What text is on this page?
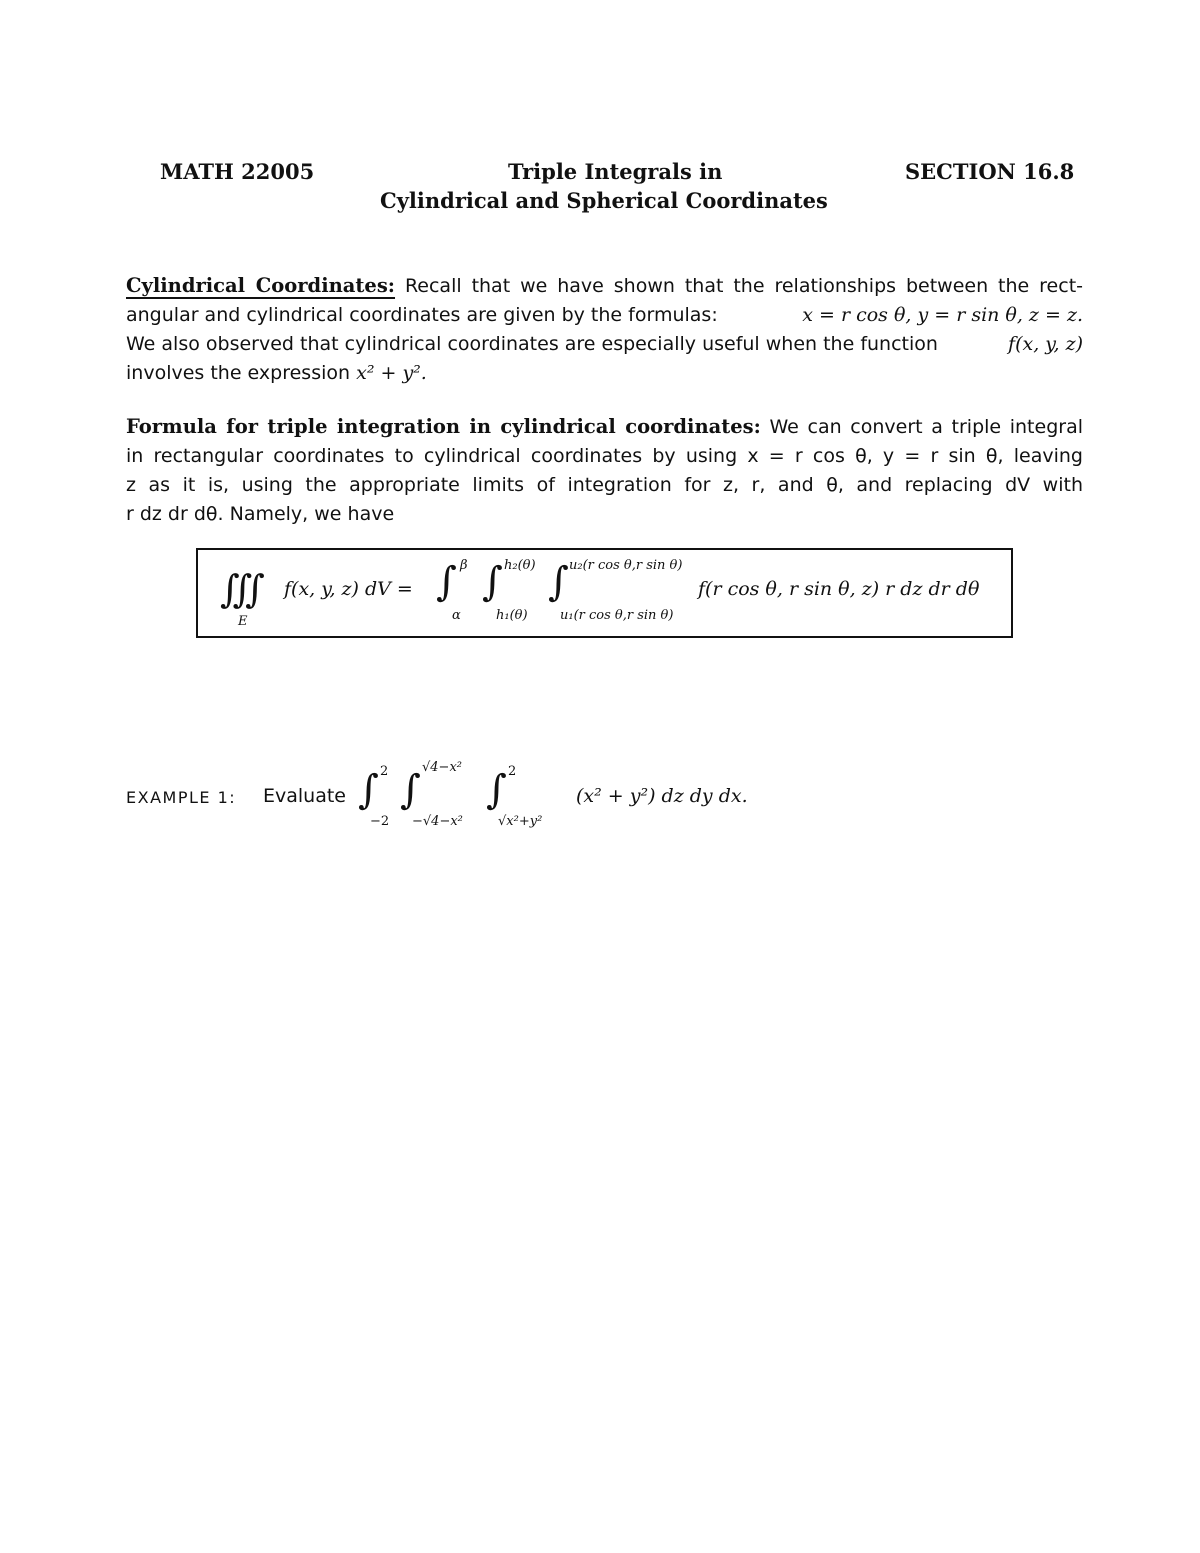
MATH 22005	Triple Integrals in	SECTION 16.8
Cylindrical and Spherical Coordinates
Cylindrical Coordinates: Recall that we have shown that the relationships between the rect-
angular and cylindrical coordinates are given by the formulas:	x = r cos θ, y = r sin θ, z = z.
We also observed that cylindrical coordinates are especially useful when the function	f(x, y, z)
involves the expression x² + y².
Formula for triple integration in cylindrical coordinates: We can convert a triple integral
in rectangular coordinates to cylindrical coordinates by using x = r cos θ, y = r sin θ, leaving
z as it is, using the appropriate limits of integration for z, r, and θ, and replacing dV with
r dz dr dθ. Namely, we have
∭
E
f(x, y, z) dV = ∫ β
α
∫ h₂(θ)
h₁(θ)
∫ u₂(r cos θ,r sin θ)
u₁(r cos θ,r sin θ)
f(r cos θ, r sin θ, z) r dz dr dθ
EXAMPLE 1: Evaluate ∫ 2
−2
∫ √4−x²
−√4−x²
∫ 2
√x²+y²
(x² + y²) dz dy dx.
